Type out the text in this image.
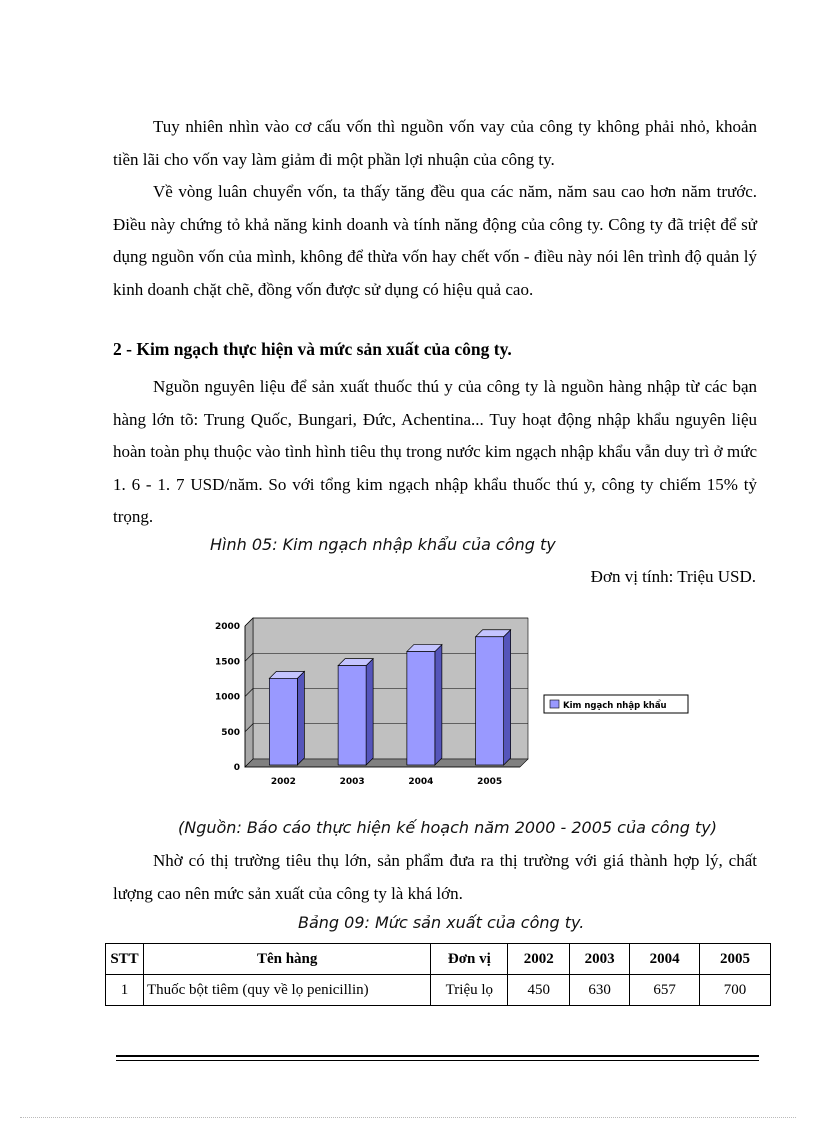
Tuy nhiên nhìn vào cơ cấu vốn thì nguồn vốn vay của công ty không phải nhỏ, khoản tiền lãi cho vốn vay làm giảm đi một phần lợi nhuận của công ty.

Về vòng luân chuyển vốn, ta thấy tăng đều qua các năm, năm sau cao hơn năm trước. Điều này chứng tỏ khả năng kinh doanh và tính năng động của công ty. Công ty đã triệt để sử dụng nguồn vốn của mình, không để thừa vốn hay chết vốn - điều này nói lên trình độ quản lý kinh doanh chặt chẽ, đồng vốn được sử dụng có hiệu quả cao.

2 - Kim ngạch thực hiện và mức sản xuất của công ty.

Nguồn nguyên liệu để sản xuất thuốc thú y của công ty là nguồn hàng nhập từ các bạn hàng lớn tõ: Trung Quốc, Bungari, Đức, Achentina... Tuy hoạt động nhập khẩu nguyên liệu hoàn toàn phụ thuộc vào tình hình tiêu thụ trong nước kim ngạch nhập khẩu vẫn duy trì ở mức 1. 6 - 1. 7 USD/năm. So với tổng kim ngạch nhập khẩu thuốc thú y, công ty chiếm 15% tỷ trọng.

Hình 05: Kim ngạch nhập khẩu của công ty
Đơn vị tính: Triệu USD.
0
500
1000
1500
2000
2002	2003	2004	2005
Kim ngạch nhập khẩu
(Nguồn: Báo cáo thực hiện kế hoạch năm 2000 - 2005 của công ty)

Nhờ có thị trường tiêu thụ lớn, sản phẩm đưa ra thị trường với giá thành hợp lý, chất lượng cao nên mức sản xuất của công ty là khá lớn.

Bảng 09: Mức sản xuất của công ty.
STT	Tên hàng	Đơn vị	2002	2003	2004	2005
1	Thuốc bột tiêm (quy về lọ penicillin)	Triệu lọ	450	630	657	700
